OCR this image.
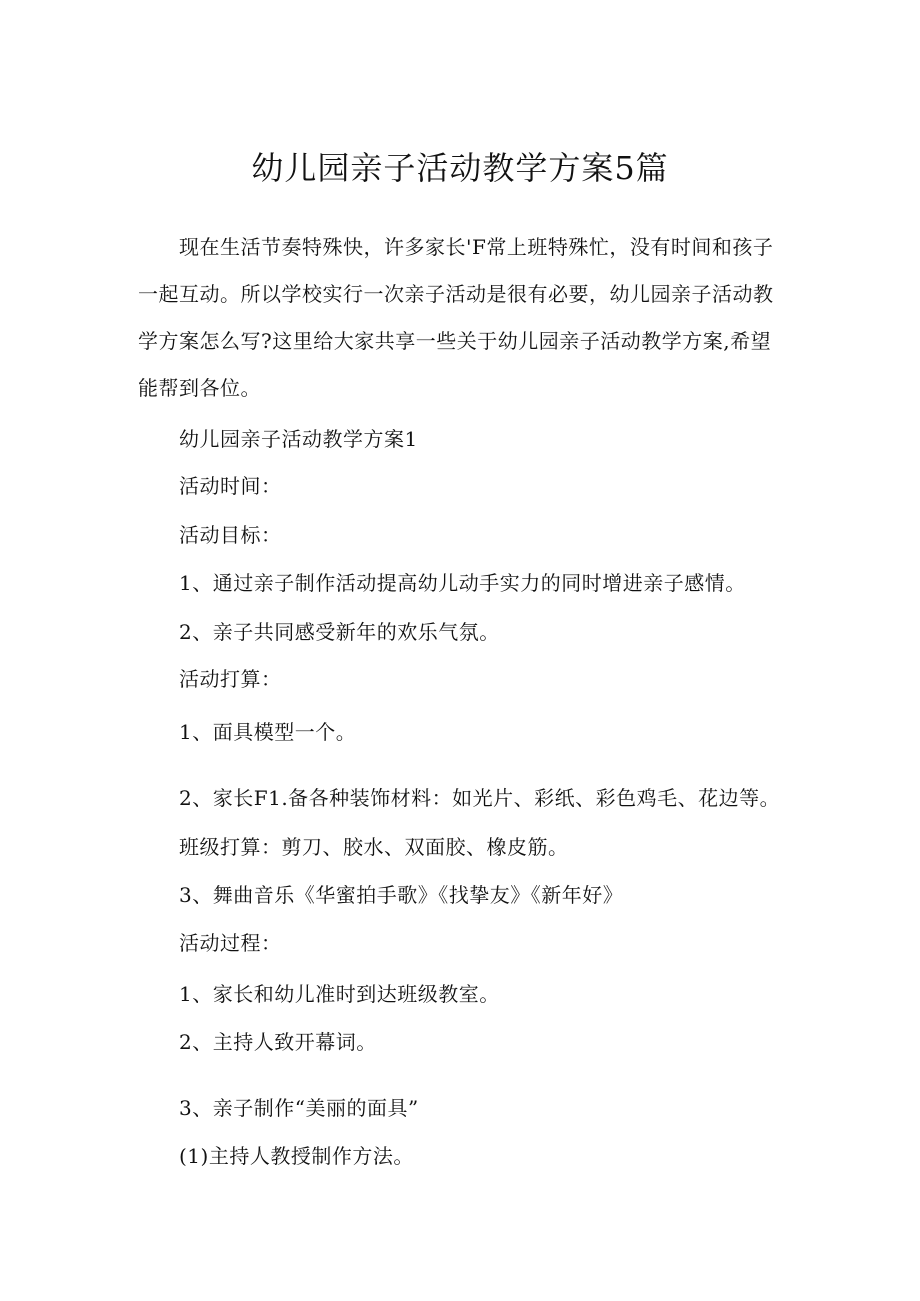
幼儿园亲子活动教学方案5篇

现在生活节奏特殊快，许多家长'F常上班特殊忙，没有时间和孩子一起互动。所以学校实行一次亲子活动是很有必要，幼儿园亲子活动教学方案怎么写?这里给大家共享一些关于幼儿园亲子活动教学方案,希望能帮到各位。

幼儿园亲子活动教学方案1

活动时间：

活动目标：

1、通过亲子制作活动提高幼儿动手实力的同时增进亲子感情。

2、亲子共同感受新年的欢乐气氛。

活动打算：

1、面具模型一个。

2、家长F1.备各种装饰材料：如光片、彩纸、彩色鸡毛、花边等。

班级打算：剪刀、胶水、双面胶、橡皮筋。

3、舞曲音乐《华蜜拍手歌》《找挚友》《新年好》

活动过程：

1、家长和幼儿准时到达班级教室。

2、主持人致开幕词。

3、亲子制作“美丽的面具”

(1)主持人教授制作方法。
